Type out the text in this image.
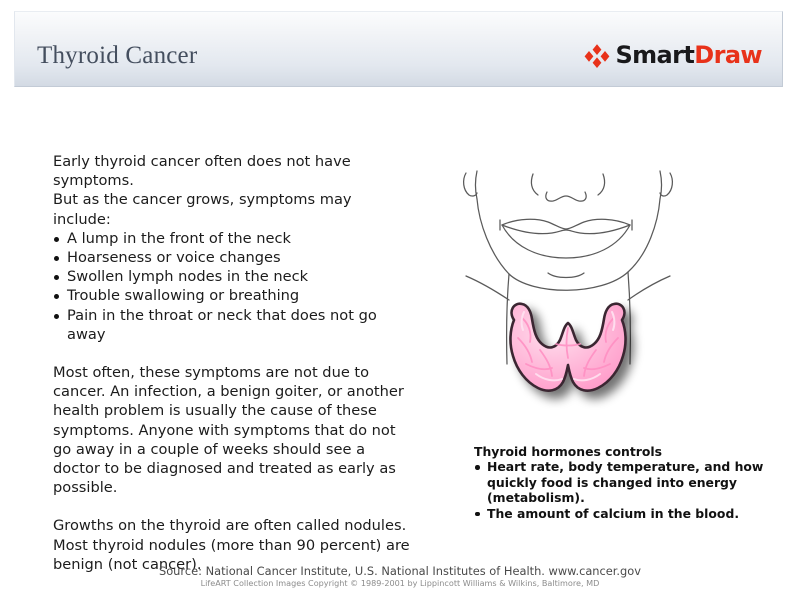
Thyroid Cancer	SmartDraw

Early thyroid cancer often does not have symptoms.

But as the cancer grows, symptoms may include:

A lump in the front of the neck
Hoarseness or voice changes
Swollen lymph nodes in the neck
Trouble swallowing or breathing
Pain in the throat or neck that does not go away

Most often, these symptoms are not due to cancer. An infection, a benign goiter, or another health problem is usually the cause of these symptoms. Anyone with symptoms that do not go away in a couple of weeks should see a doctor to be diagnosed and treated as early as possible.

Growths on the thyroid are often called nodules. Most thyroid nodules (more than 90 percent) are benign (not cancer).

Thyroid hormones controls

Heart rate, body temperature, and how quickly food is changed into energy (metabolism).
The amount of calcium in the blood.
Source: National Cancer Institute, U.S. National Institutes of Health. www.cancer.gov
LifeART Collection Images Copyright © 1989-2001 by Lippincott Williams & Wilkins, Baltimore, MD
